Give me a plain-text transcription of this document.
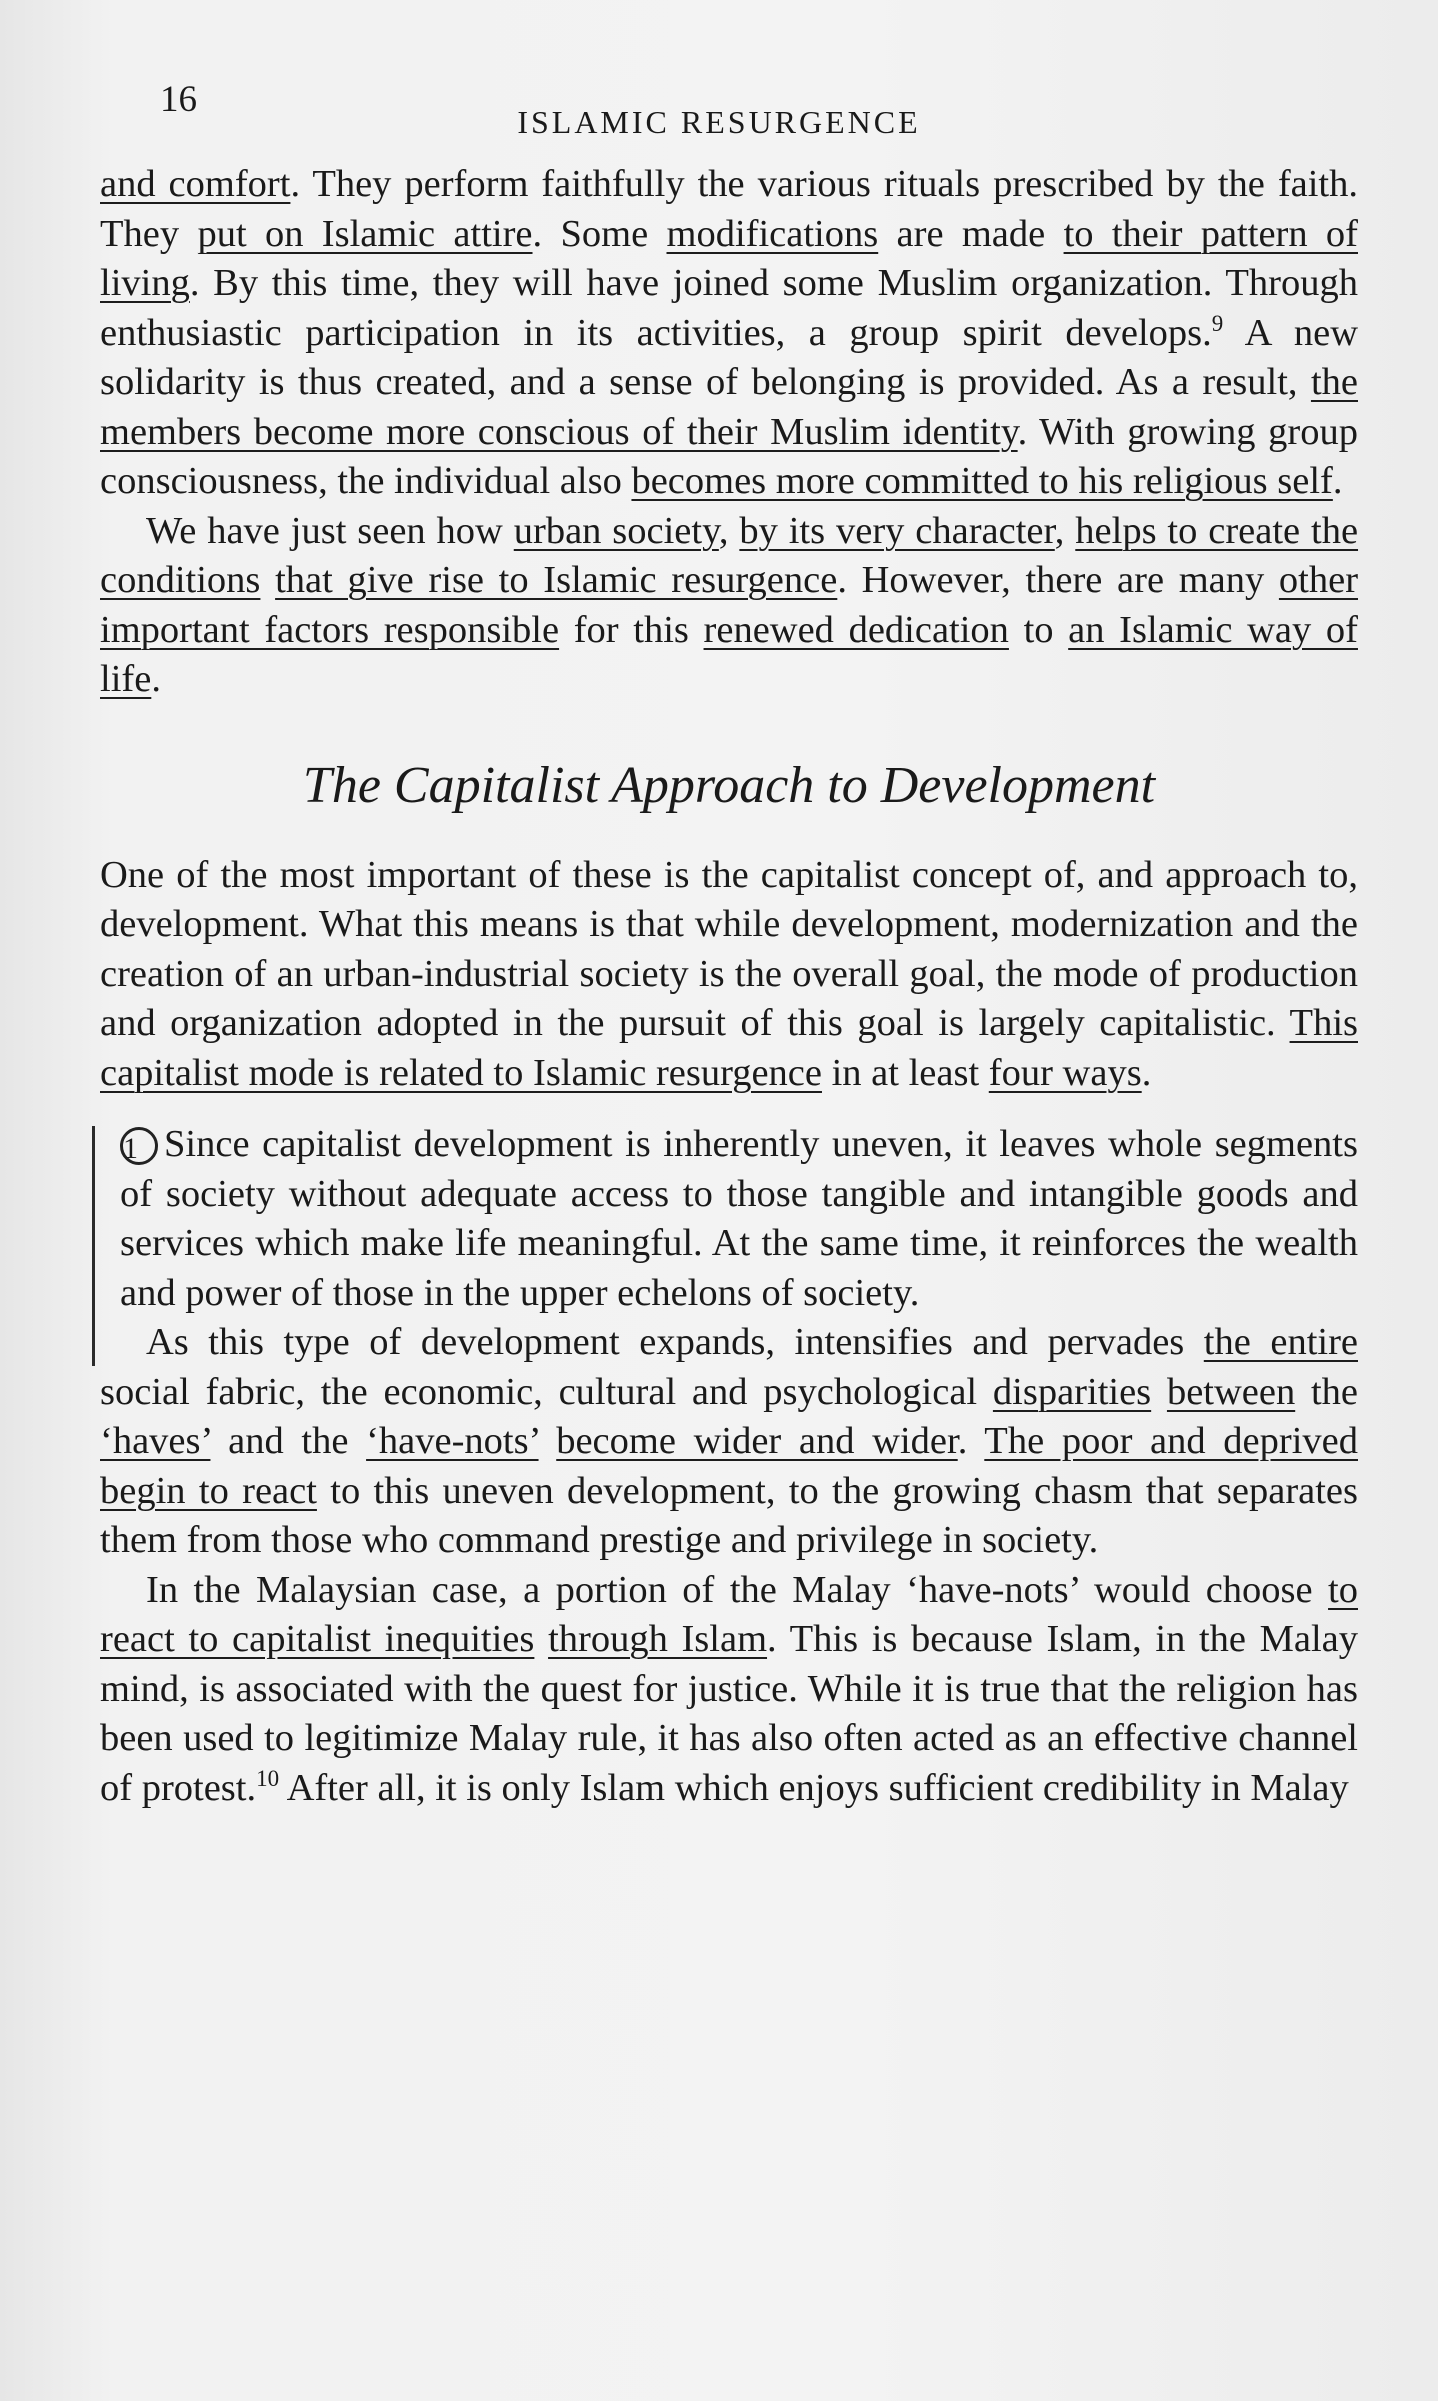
16
ISLAMIC RESURGENCE

and comfort. They perform faithfully the various rituals prescribed by the faith. They put on Islamic attire. Some modifications are made to their pattern of living. By this time, they will have joined some Muslim organization. Through enthusiastic participation in its activities, a group spirit develops.$^9$ A new solidarity is thus created, and a sense of belonging is provided. As a result, the members become more conscious of their Muslim identity. With growing group consciousness, the individual also becomes more committed to his religious self.

We have just seen how urban society, by its very character, helps to create the conditions that give rise to Islamic resurgence. However, there are many other important factors responsible for this renewed dedication to an Islamic way of life.

The Capitalist Approach to Development

One of the most important of these is the capitalist concept of, and approach to, development. What this means is that while development, modernization and the creation of an urban-industrial society is the overall goal, the mode of production and organization adopted in the pursuit of this goal is largely capitalistic. This capitalist mode is related to Islamic resurgence in at least four ways.

1 Since capitalist development is inherently uneven, it leaves whole segments of society without adequate access to those tangible and intangible goods and services which make life meaningful. At the same time, it reinforces the wealth and power of those in the upper echelons of society.

As this type of development expands, intensifies and pervades the entire social fabric, the economic, cultural and psychological disparities between the ‘haves’ and the ‘have-nots’ become wider and wider. The poor and deprived begin to react to this uneven development, to the growing chasm that separates them from those who command prestige and privilege in society.

In the Malaysian case, a portion of the Malay ‘have-nots’ would choose to react to capitalist inequities through Islam. This is because Islam, in the Malay mind, is associated with the quest for justice. While it is true that the religion has been used to legitimize Malay rule, it has also often acted as an effective channel of protest.$^{10}$ After all, it is only Islam which enjoys sufficient credibility in Malay
